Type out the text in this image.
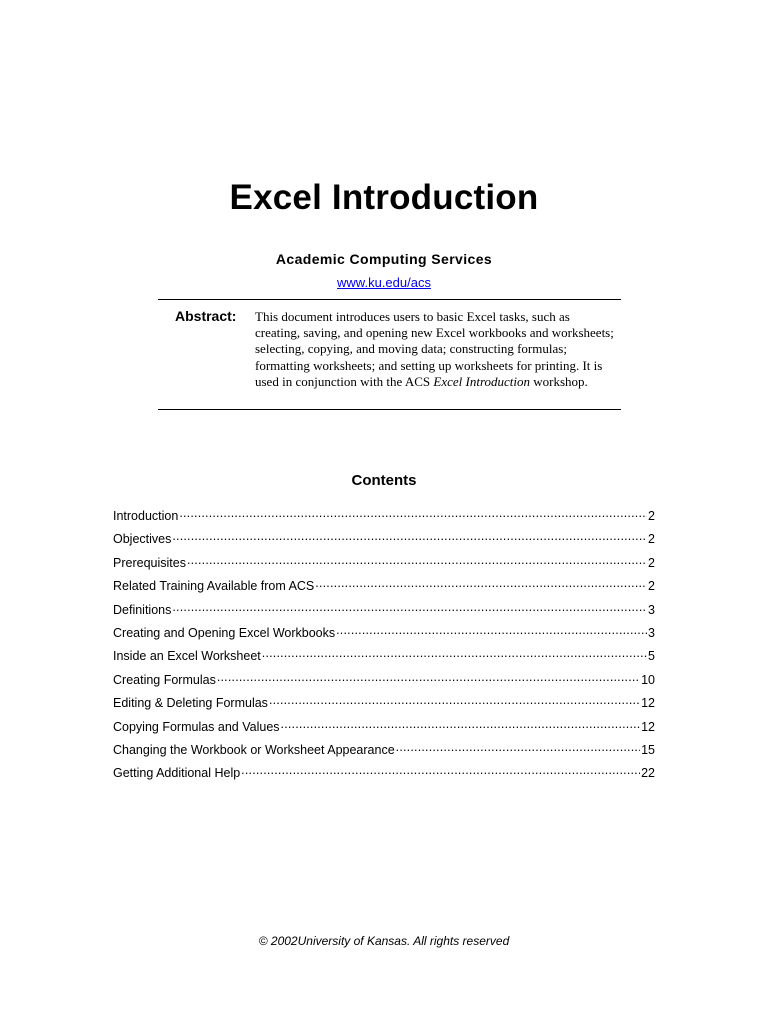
Excel Introduction
Academic Computing Services
www.ku.edu/acs
Abstract: This document introduces users to basic Excel tasks, such as creating, saving, and opening new Excel workbooks and worksheets; selecting, copying, and moving data; constructing formulas; formatting worksheets; and setting up worksheets for printing. It is used in conjunction with the ACS Excel Introduction workshop.
Contents
Introduction .....	2
Objectives .....	2
Prerequisites .....	2
Related Training Available from ACS .....	2
Definitions .....	3
Creating and Opening Excel Workbooks .....	3
Inside an Excel Worksheet .....	5
Creating Formulas .....	10
Editing & Deleting Formulas .....	12
Copying Formulas and Values .....	12
Changing the Workbook or Worksheet Appearance .....	15
Getting Additional Help .....	22
© 2002University of Kansas. All rights reserved
